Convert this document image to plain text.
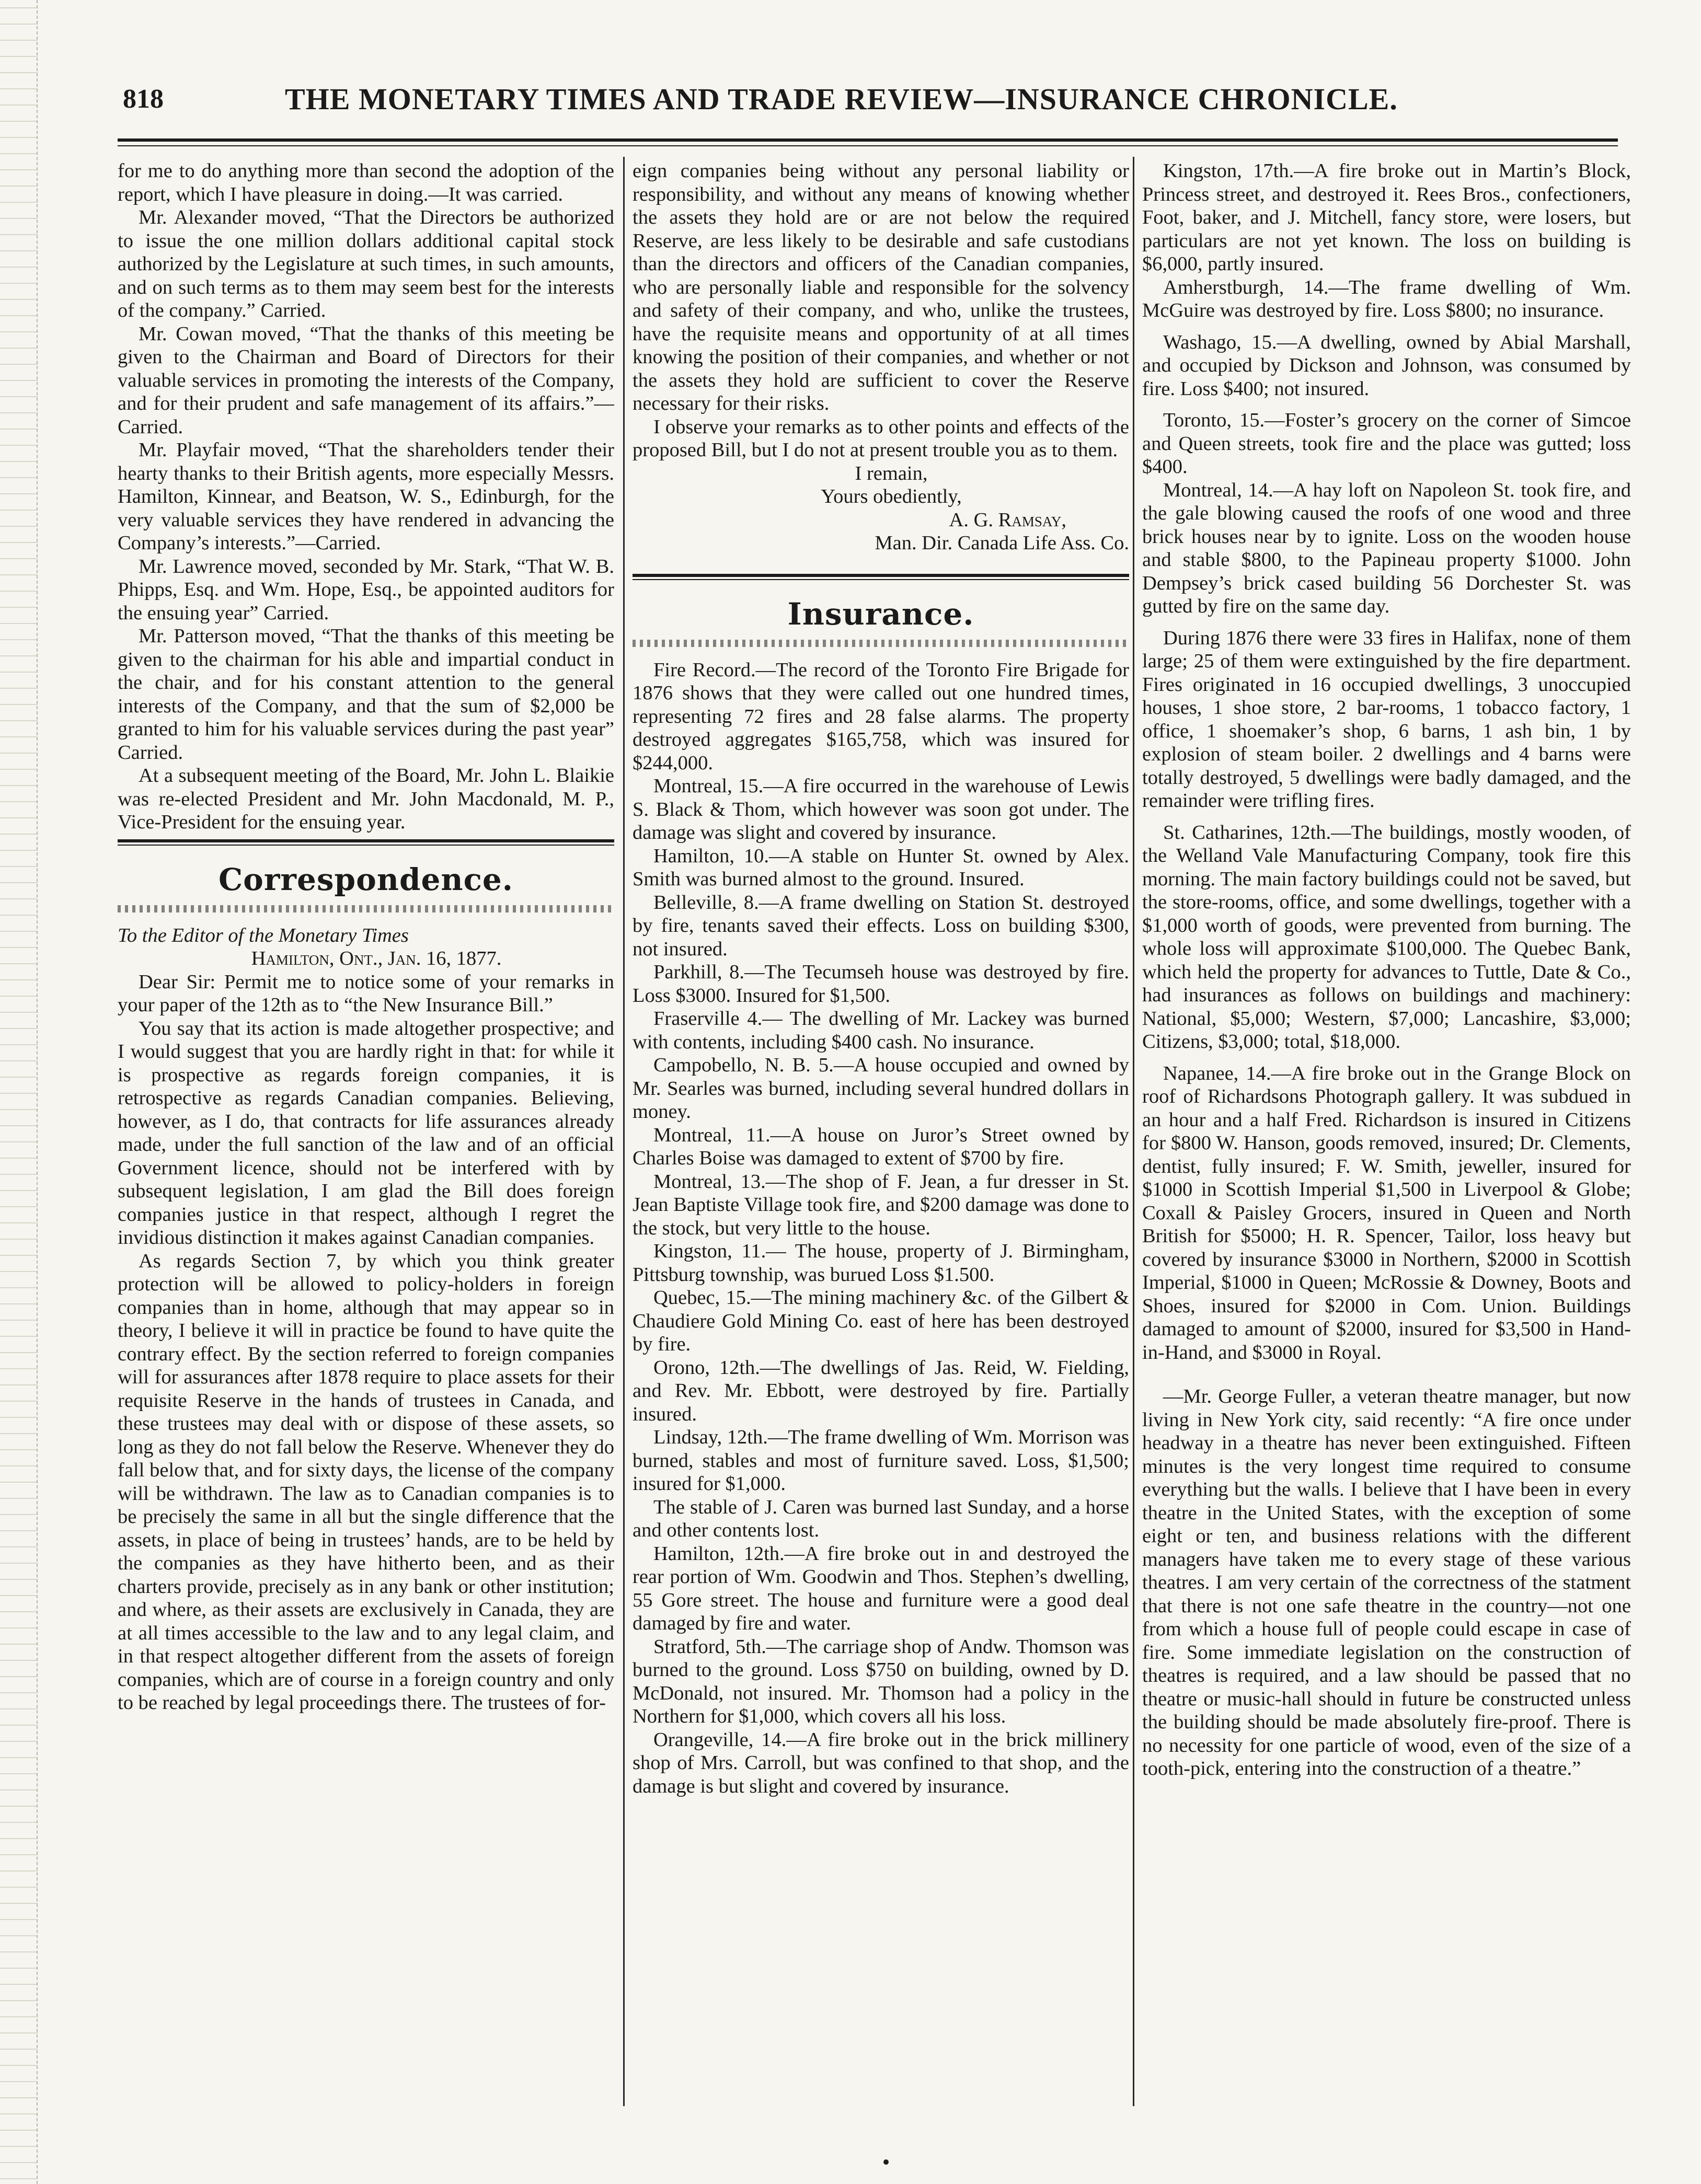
818	THE MONETARY TIMES AND TRADE REVIEW—INSURANCE CHRONICLE.

for me to do anything more than second the adoption of the report, which I have pleasure in doing.—It was carried.

Mr. Alexander moved, “That the Directors be authorized to issue the one million dollars additional capital stock authorized by the Legislature at such times, in such amounts, and on such terms as to them may seem best for the interests of the company.” Carried.

Mr. Cowan moved, “That the thanks of this meeting be given to the Chairman and Board of Directors for their valuable services in promoting the interests of the Company, and for their prudent and safe management of its affairs.”—Carried.

Mr. Playfair moved, “That the shareholders tender their hearty thanks to their British agents, more especially Messrs. Hamilton, Kinnear, and Beatson, W. S., Edinburgh, for the very valuable services they have rendered in advancing the Company’s interests.”—Carried.

Mr. Lawrence moved, seconded by Mr. Stark, “That W. B. Phipps, Esq. and Wm. Hope, Esq., be appointed auditors for the ensuing year” Carried.

Mr. Patterson moved, “That the thanks of this meeting be given to the chairman for his able and impartial conduct in the chair, and for his constant attention to the general interests of the Company, and that the sum of $2,000 be granted to him for his valuable services during the past year” Carried.

At a subsequent meeting of the Board, Mr. John L. Blaikie was re-elected President and Mr. John Macdonald, M. P., Vice-President for the ensuing year.

Correspondence.

To the Editor of the Monetary Times

Hamilton, Ont., Jan. 16, 1877.

Dear Sir: Permit me to notice some of your remarks in your paper of the 12th as to “the New Insurance Bill.”

You say that its action is made altogether prospective; and I would suggest that you are hardly right in that: for while it is prospective as regards foreign companies, it is retrospective as regards Canadian companies. Believing, however, as I do, that contracts for life assurances already made, under the full sanction of the law and of an official Government licence, should not be interfered with by subsequent legislation, I am glad the Bill does foreign companies justice in that respect, although I regret the invidious distinction it makes against Canadian companies.

As regards Section 7, by which you think greater protection will be allowed to policy-holders in foreign companies than in home, although that may appear so in theory, I believe it will in practice be found to have quite the contrary effect. By the section referred to foreign companies will for assurances after 1878 require to place assets for their requisite Reserve in the hands of trustees in Canada, and these trustees may deal with or dispose of these assets, so long as they do not fall below the Reserve. Whenever they do fall below that, and for sixty days, the license of the company will be withdrawn. The law as to Canadian companies is to be precisely the same in all but the single difference that the assets, in place of being in trustees’ hands, are to be held by the companies as they have hitherto been, and as their charters provide, precisely as in any bank or other institution; and where, as their assets are exclusively in Canada, they are at all times accessible to the law and to any legal claim, and in that respect altogether different from the assets of foreign companies, which are of course in a foreign country and only to be reached by legal proceedings there. The trustees of for-

eign companies being without any personal liability or responsibility, and without any means of knowing whether the assets they hold are or are not below the required Reserve, are less likely to be desirable and safe custodians than the directors and officers of the Canadian companies, who are personally liable and responsible for the solvency and safety of their company, and who, unlike the trustees, have the requisite means and opportunity of at all times knowing the position of their companies, and whether or not the assets they hold are sufficient to cover the Reserve necessary for their risks.

I observe your remarks as to other points and effects of the proposed Bill, but I do not at present trouble you as to them.

I remain,

Yours obediently,

A. G. Ramsay,

Man. Dir. Canada Life Ass. Co.

Insurance.

Fire Record.—The record of the Toronto Fire Brigade for 1876 shows that they were called out one hundred times, representing 72 fires and 28 false alarms. The property destroyed aggregates $165,758, which was insured for $244,000.

Montreal, 15.—A fire occurred in the warehouse of Lewis S. Black & Thom, which however was soon got under. The damage was slight and covered by insurance.

Hamilton, 10.—A stable on Hunter St. owned by Alex. Smith was burned almost to the ground. Insured.

Belleville, 8.—A frame dwelling on Station St. destroyed by fire, tenants saved their effects. Loss on building $300, not insured.

Parkhill, 8.—The Tecumseh house was destroyed by fire. Loss $3000. Insured for $1,500.

Fraserville 4.— The dwelling of Mr. Lackey was burned with contents, including $400 cash. No insurance.

Campobello, N. B. 5.—A house occupied and owned by Mr. Searles was burned, including several hundred dollars in money.

Montreal, 11.—A house on Juror’s Street owned by Charles Boise was damaged to extent of $700 by fire.

Montreal, 13.—The shop of F. Jean, a fur dresser in St. Jean Baptiste Village took fire, and $200 damage was done to the stock, but very little to the house.

Kingston, 11.— The house, property of J. Birmingham, Pittsburg township, was burued Loss $1.500.

Quebec, 15.—The mining machinery &c. of the Gilbert & Chaudiere Gold Mining Co. east of here has been destroyed by fire.

Orono, 12th.—The dwellings of Jas. Reid, W. Fielding, and Rev. Mr. Ebbott, were destroyed by fire. Partially insured.

Lindsay, 12th.—The frame dwelling of Wm. Morrison was burned, stables and most of furniture saved. Loss, $1,500; insured for $1,000.

The stable of J. Caren was burned last Sunday, and a horse and other contents lost.

Hamilton, 12th.—A fire broke out in and destroyed the rear portion of Wm. Goodwin and Thos. Stephen’s dwelling, 55 Gore street. The house and furniture were a good deal damaged by fire and water.

Stratford, 5th.—The carriage shop of Andw. Thomson was burned to the ground. Loss $750 on building, owned by D. McDonald, not insured. Mr. Thomson had a policy in the Northern for $1,000, which covers all his loss.

Orangeville, 14.—A fire broke out in the brick millinery shop of Mrs. Carroll, but was confined to that shop, and the damage is but slight and covered by insurance.

Kingston, 17th.—A fire broke out in Martin’s Block, Princess street, and destroyed it. Rees Bros., confectioners, Foot, baker, and J. Mitchell, fancy store, were losers, but particulars are not yet known. The loss on building is $6,000, partly insured.

Amherstburgh, 14.—The frame dwelling of Wm. McGuire was destroyed by fire. Loss $800; no insurance.

Washago, 15.—A dwelling, owned by Abial Marshall, and occupied by Dickson and Johnson, was consumed by fire. Loss $400; not insured.

Toronto, 15.—Foster’s grocery on the corner of Simcoe and Queen streets, took fire and the place was gutted; loss $400.

Montreal, 14.—A hay loft on Napoleon St. took fire, and the gale blowing caused the roofs of one wood and three brick houses near by to ignite. Loss on the wooden house and stable $800, to the Papineau property $1000. John Dempsey’s brick cased building 56 Dorchester St. was gutted by fire on the same day.

During 1876 there were 33 fires in Halifax, none of them large; 25 of them were extinguished by the fire department. Fires originated in 16 occupied dwellings, 3 unoccupied houses, 1 shoe store, 2 bar-rooms, 1 tobacco factory, 1 office, 1 shoemaker’s shop, 6 barns, 1 ash bin, 1 by explosion of steam boiler. 2 dwellings and 4 barns were totally destroyed, 5 dwellings were badly damaged, and the remainder were trifling fires.

St. Catharines, 12th.—The buildings, mostly wooden, of the Welland Vale Manufacturing Company, took fire this morning. The main factory buildings could not be saved, but the store-rooms, office, and some dwellings, together with a $1,000 worth of goods, were prevented from burning. The whole loss will approximate $100,000. The Quebec Bank, which held the property for advances to Tuttle, Date & Co., had insurances as follows on buildings and machinery: National, $5,000; Western, $7,000; Lancashire, $3,000; Citizens, $3,000; total, $18,000.

Napanee, 14.—A fire broke out in the Grange Block on roof of Richardsons Photograph gallery. It was subdued in an hour and a half Fred. Richardson is insured in Citizens for $800 W. Hanson, goods removed, insured; Dr. Clements, dentist, fully insured; F. W. Smith, jeweller, insured for $1000 in Scottish Imperial $1,500 in Liverpool & Globe; Coxall & Paisley Grocers, insured in Queen and North British for $5000; H. R. Spencer, Tailor, loss heavy but covered by insurance $3000 in Northern, $2000 in Scottish Imperial, $1000 in Queen; McRossie & Downey, Boots and Shoes, insured for $2000 in Com. Union. Buildings damaged to amount of $2000, insured for $3,500 in Hand-in-Hand, and $3000 in Royal.

—Mr. George Fuller, a veteran theatre manager, but now living in New York city, said recently: “A fire once under headway in a theatre has never been extinguished. Fifteen minutes is the very longest time required to consume everything but the walls. I believe that I have been in every theatre in the United States, with the exception of some eight or ten, and business relations with the different managers have taken me to every stage of these various theatres. I am very certain of the correctness of the statment that there is not one safe theatre in the country—not one from which a house full of people could escape in case of fire. Some immediate legislation on the construction of theatres is required, and a law should be passed that no theatre or music-hall should in future be constructed unless the building should be made absolutely fire-proof. There is no necessity for one particle of wood, even of the size of a tooth-pick, entering into the construction of a theatre.”
